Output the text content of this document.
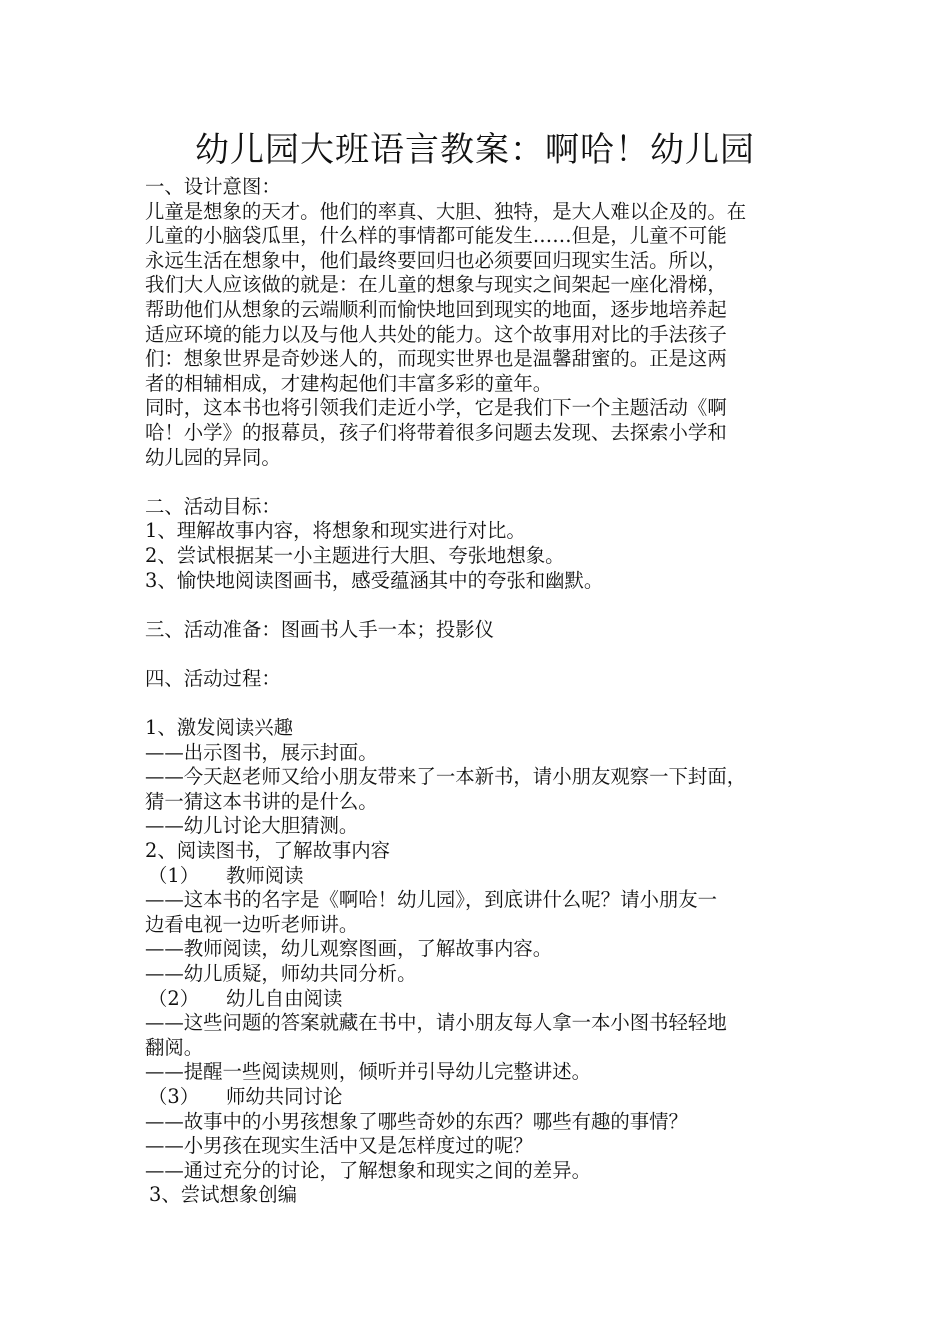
幼儿园大班语言教案：啊哈！幼儿园

一、设计意图：

儿童是想象的天才。他们的率真、大胆、独特，是大人难以企及的。在

儿童的小脑袋瓜里，什么样的事情都可能发生……但是，儿童不可能

永远生活在想象中，他们最终要回归也必须要回归现实生活。所以，

我们大人应该做的就是：在儿童的想象与现实之间架起一座化滑梯，

帮助他们从想象的云端顺利而愉快地回到现实的地面，逐步地培养起

适应环境的能力以及与他人共处的能力。这个故事用对比的手法孩子

们：想象世界是奇妙迷人的，而现实世界也是温馨甜蜜的。正是这两

者的相辅相成，才建构起他们丰富多彩的童年。

同时，这本书也将引领我们走近小学，它是我们下一个主题活动《啊

哈！小学》的报幕员，孩子们将带着很多问题去发现、去探索小学和

幼儿园的异同。

二、活动目标：

1、理解故事内容，将想象和现实进行对比。

2、尝试根据某一小主题进行大胆、夸张地想象。

3、愉快地阅读图画书，感受蕴涵其中的夸张和幽默。

三、活动准备：图画书人手一本；投影仪

四、活动过程：

1、激发阅读兴趣

——出示图书，展示封面。

——今天赵老师又给小朋友带来了一本新书，请小朋友观察一下封面，

猜一猜这本书讲的是什么。

——幼儿讨论大胆猜测。

2、阅读图书，了解故事内容

（1） 教师阅读

——这本书的名字是《啊哈！幼儿园》，到底讲什么呢？请小朋友一

边看电视一边听老师讲。

——教师阅读，幼儿观察图画，了解故事内容。

——幼儿质疑，师幼共同分析。

（2） 幼儿自由阅读

——这些问题的答案就藏在书中，请小朋友每人拿一本小图书轻轻地

翻阅。

——提醒一些阅读规则，倾听并引导幼儿完整讲述。

（3） 师幼共同讨论

——故事中的小男孩想象了哪些奇妙的东西？哪些有趣的事情？

——小男孩在现实生活中又是怎样度过的呢？

——通过充分的讨论，了解想象和现实之间的差异。

3、尝试想象创编
